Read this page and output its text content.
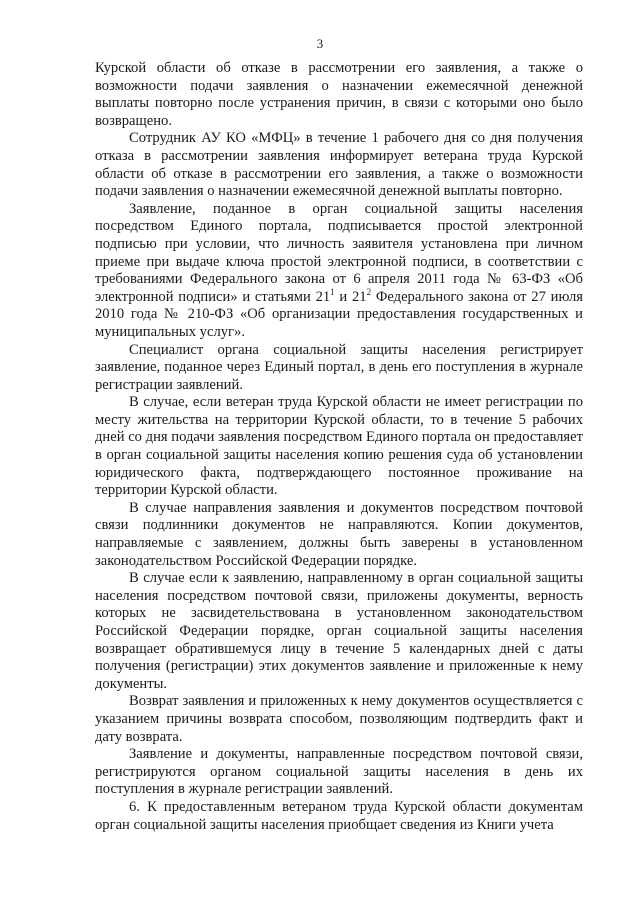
3

Курской области об отказе в рассмотрении его заявления, а также о возможности подачи заявления о назначении ежемесячной денежной выплаты повторно после устранения причин, в связи с которыми оно было возвращено.

Сотрудник АУ КО «МФЦ» в течение 1 рабочего дня со дня получения отказа в рассмотрении заявления информирует ветерана труда Курской области об отказе в рассмотрении его заявления, а также о возможности подачи заявления о назначении ежемесячной денежной выплаты повторно.

Заявление, поданное в орган социальной защиты населения посредством Единого портала, подписывается простой электронной подписью при условии, что личность заявителя установлена при личном приеме при выдаче ключа простой электронной подписи, в соответствии с требованиями Федерального закона от 6 апреля 2011 года № 63-ФЗ «Об электронной подписи» и статьями $21^1$ и $21^2$ Федерального закона от 27 июля 2010 года № 210-ФЗ «Об организации предоставления государственных и муниципальных услуг».

Специалист органа социальной защиты населения регистрирует заявление, поданное через Единый портал, в день его поступления в журнале регистрации заявлений.

В случае, если ветеран труда Курской области не имеет регистрации по месту жительства на территории Курской области, то в течение 5 рабочих дней со дня подачи заявления посредством Единого портала он предоставляет в орган социальной защиты населения копию решения суда об установлении юридического факта, подтверждающего постоянное проживание на территории Курской области.

В случае направления заявления и документов посредством почтовой связи подлинники документов не направляются. Копии документов, направляемые с заявлением, должны быть заверены в установленном законодательством Российской Федерации порядке.

В случае если к заявлению, направленному в орган социальной защиты населения посредством почтовой связи, приложены документы, верность которых не засвидетельствована в установленном законодательством Российской Федерации порядке, орган социальной защиты населения возвращает обратившемуся лицу в течение 5 календарных дней с даты получения (регистрации) этих документов заявление и приложенные к нему документы.

Возврат заявления и приложенных к нему документов осуществляется с указанием причины возврата способом, позволяющим подтвердить факт и дату возврата.

Заявление и документы, направленные посредством почтовой связи, регистрируются органом социальной защиты населения в день их поступления в журнале регистрации заявлений.

6. К предоставленным ветераном труда Курской области документам орган социальной защиты населения приобщает сведения из Книги учета
